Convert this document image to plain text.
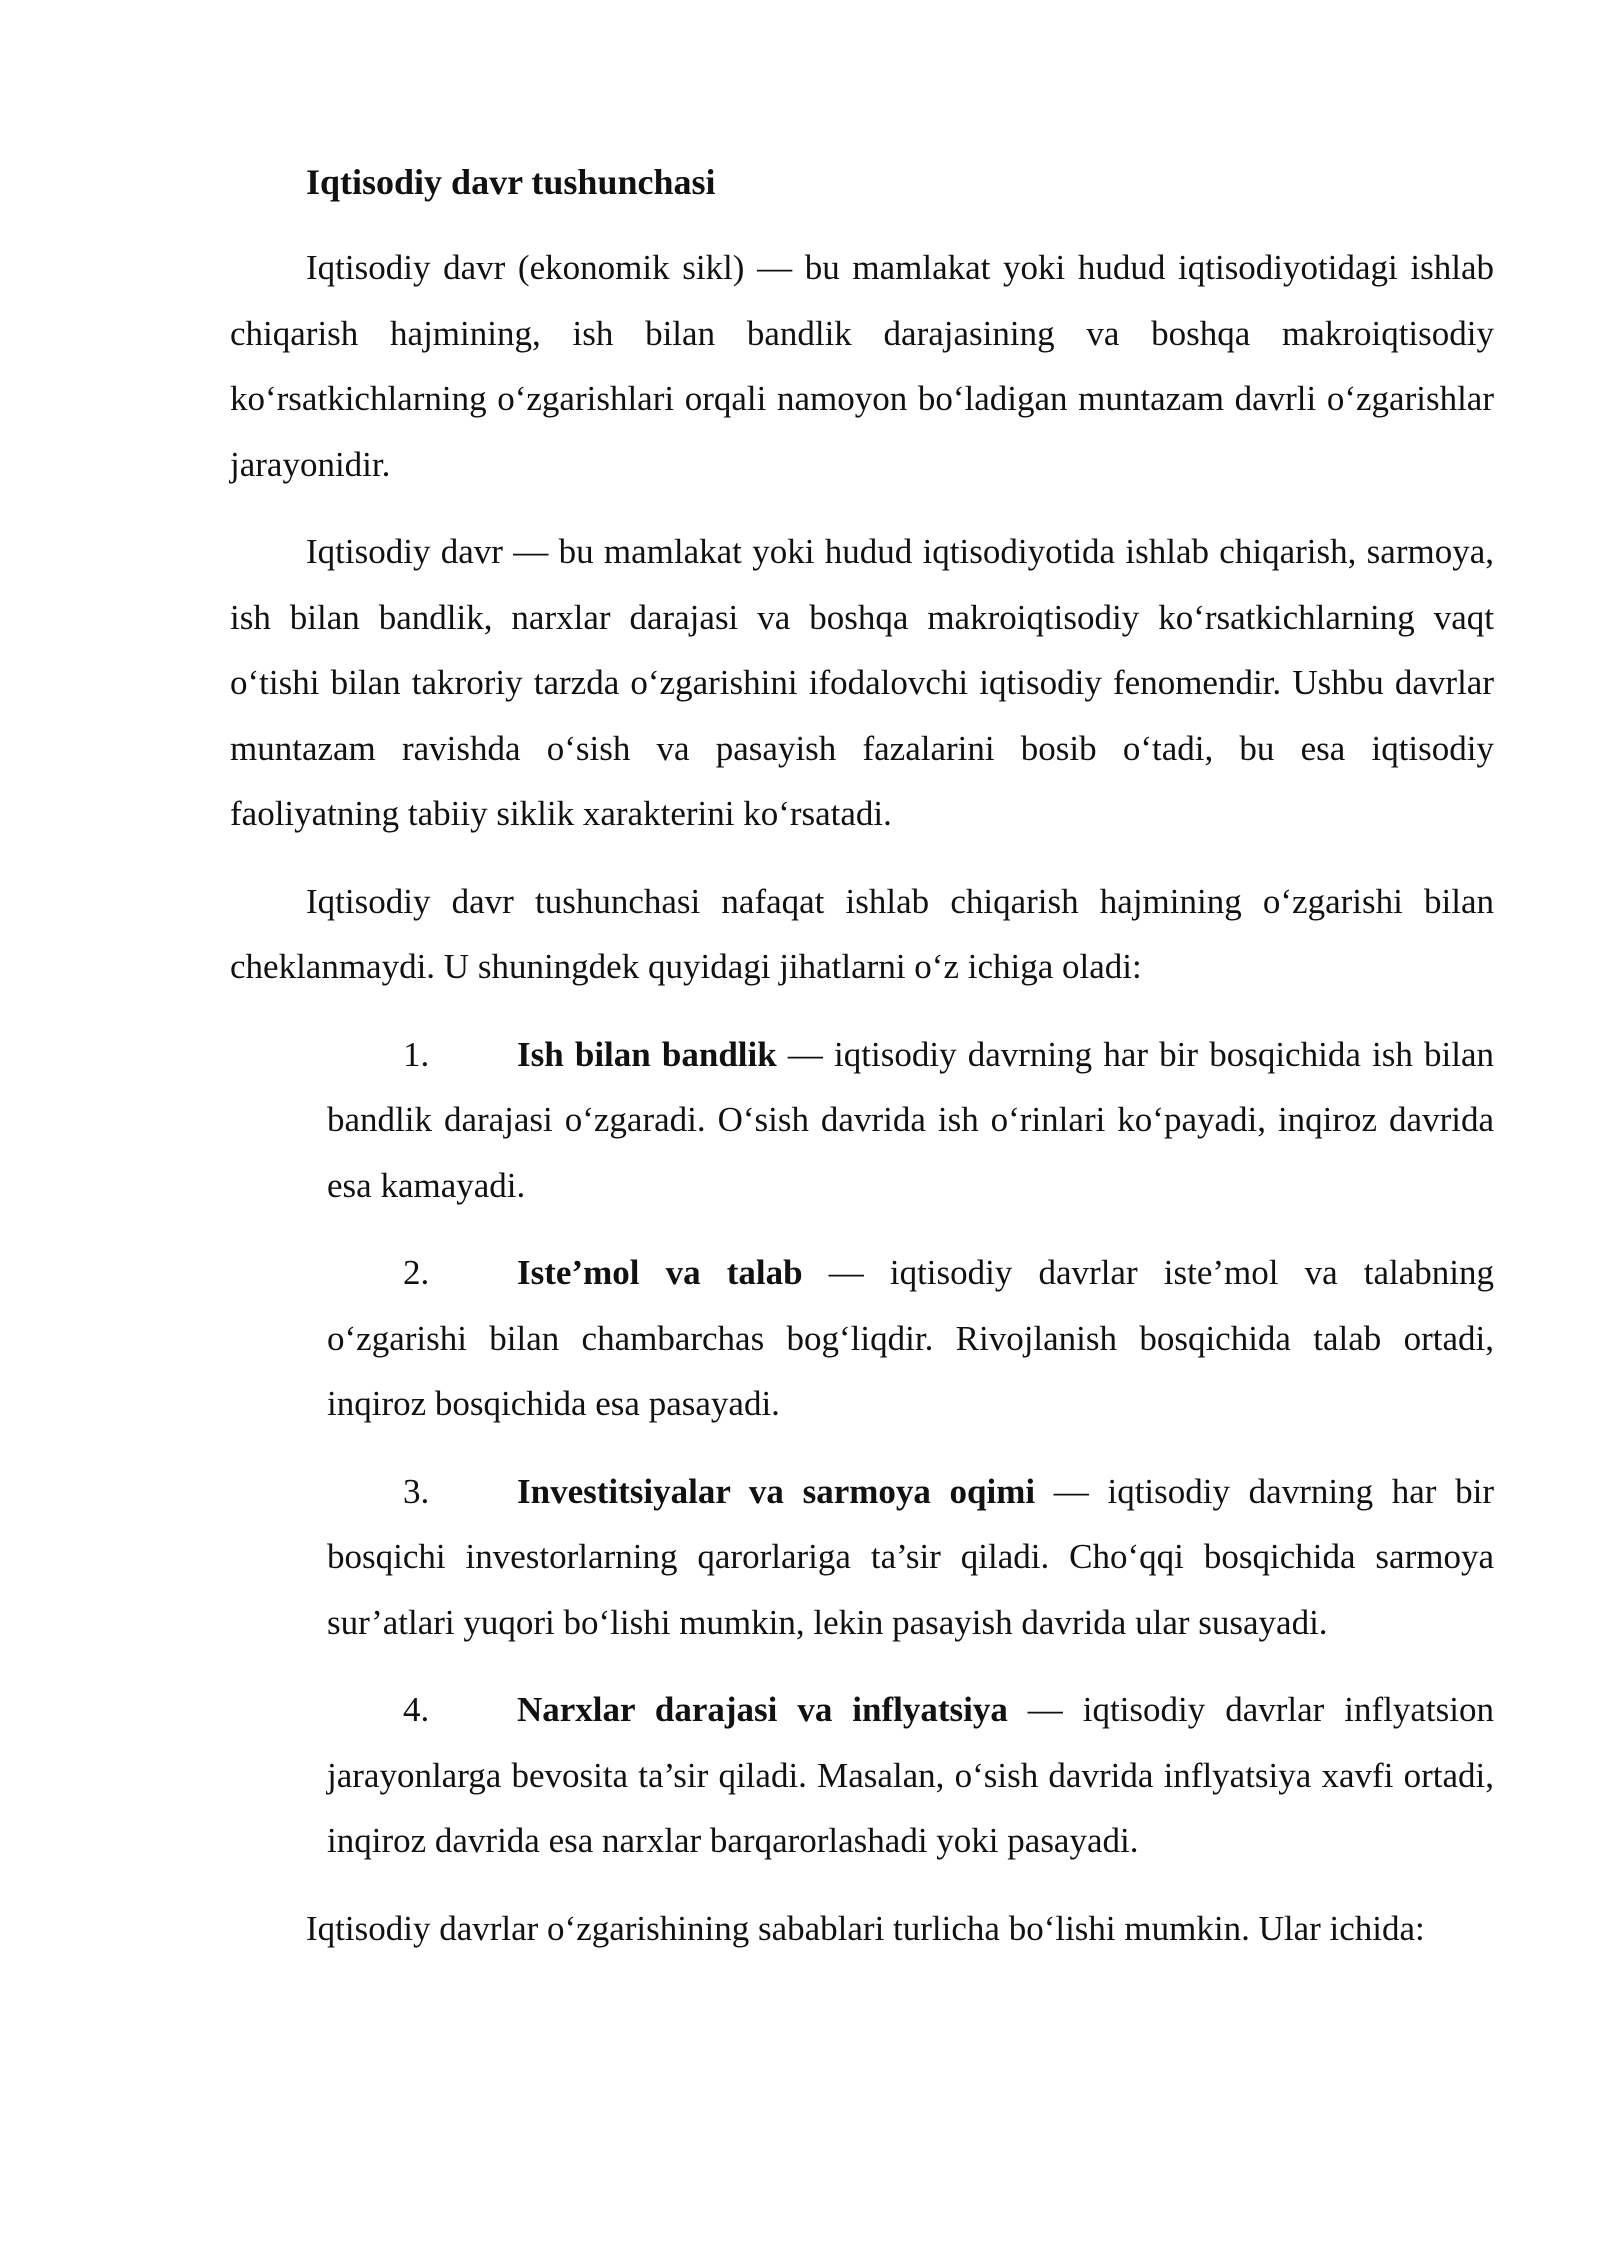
Iqtisodiy davr tushunchasi

Iqtisodiy davr (ekonomik sikl) — bu mamlakat yoki hudud iqtisodiyotidagi ishlab chiqarish hajmining, ish bilan bandlik darajasining va boshqa makroiqtisodiy koʻrsatkichlarning oʻzgarishlari orqali namoyon boʻladigan muntazam davrli oʻzgarishlar jarayonidir.

Iqtisodiy davr — bu mamlakat yoki hudud iqtisodiyotida ishlab chiqarish, sarmoya, ish bilan bandlik, narxlar darajasi va boshqa makroiqtisodiy koʻrsatkichlarning vaqt oʻtishi bilan takroriy tarzda oʻzgarishini ifodalovchi iqtisodiy fenomendir. Ushbu davrlar muntazam ravishda oʻsish va pasayish fazalarini bosib oʻtadi, bu esa iqtisodiy faoliyatning tabiiy siklik xarakterini koʻrsatadi.

Iqtisodiy davr tushunchasi nafaqat ishlab chiqarish hajmining oʻzgarishi bilan cheklanmaydi. U shuningdek quyidagi jihatlarni oʻz ichiga oladi:

1.	Ish bilan bandlik — iqtisodiy davrning har bir bosqichida ish bilan bandlik darajasi oʻzgaradi. Oʻsish davrida ish oʻrinlari koʻpayadi, inqiroz davrida esa kamayadi.

2.	Iste’mol va talab — iqtisodiy davrlar iste’mol va talabning oʻzgarishi bilan chambarchas bogʻliqdir. Rivojlanish bosqichida talab ortadi, inqiroz bosqichida esa pasayadi.

3.	Investitsiyalar va sarmoya oqimi — iqtisodiy davrning har bir bosqichi investorlarning qarorlariga ta’sir qiladi. Choʻqqi bosqichida sarmoya sur’atlari yuqori boʻlishi mumkin, lekin pasayish davrida ular susayadi.

4.	Narxlar darajasi va inflyatsiya — iqtisodiy davrlar inflyatsion jarayonlarga bevosita ta’sir qiladi. Masalan, oʻsish davrida inflyatsiya xavfi ortadi, inqiroz davrida esa narxlar barqarorlashadi yoki pasayadi.

Iqtisodiy davrlar oʻzgarishining sabablari turlicha boʻlishi mumkin. Ular ichida:
